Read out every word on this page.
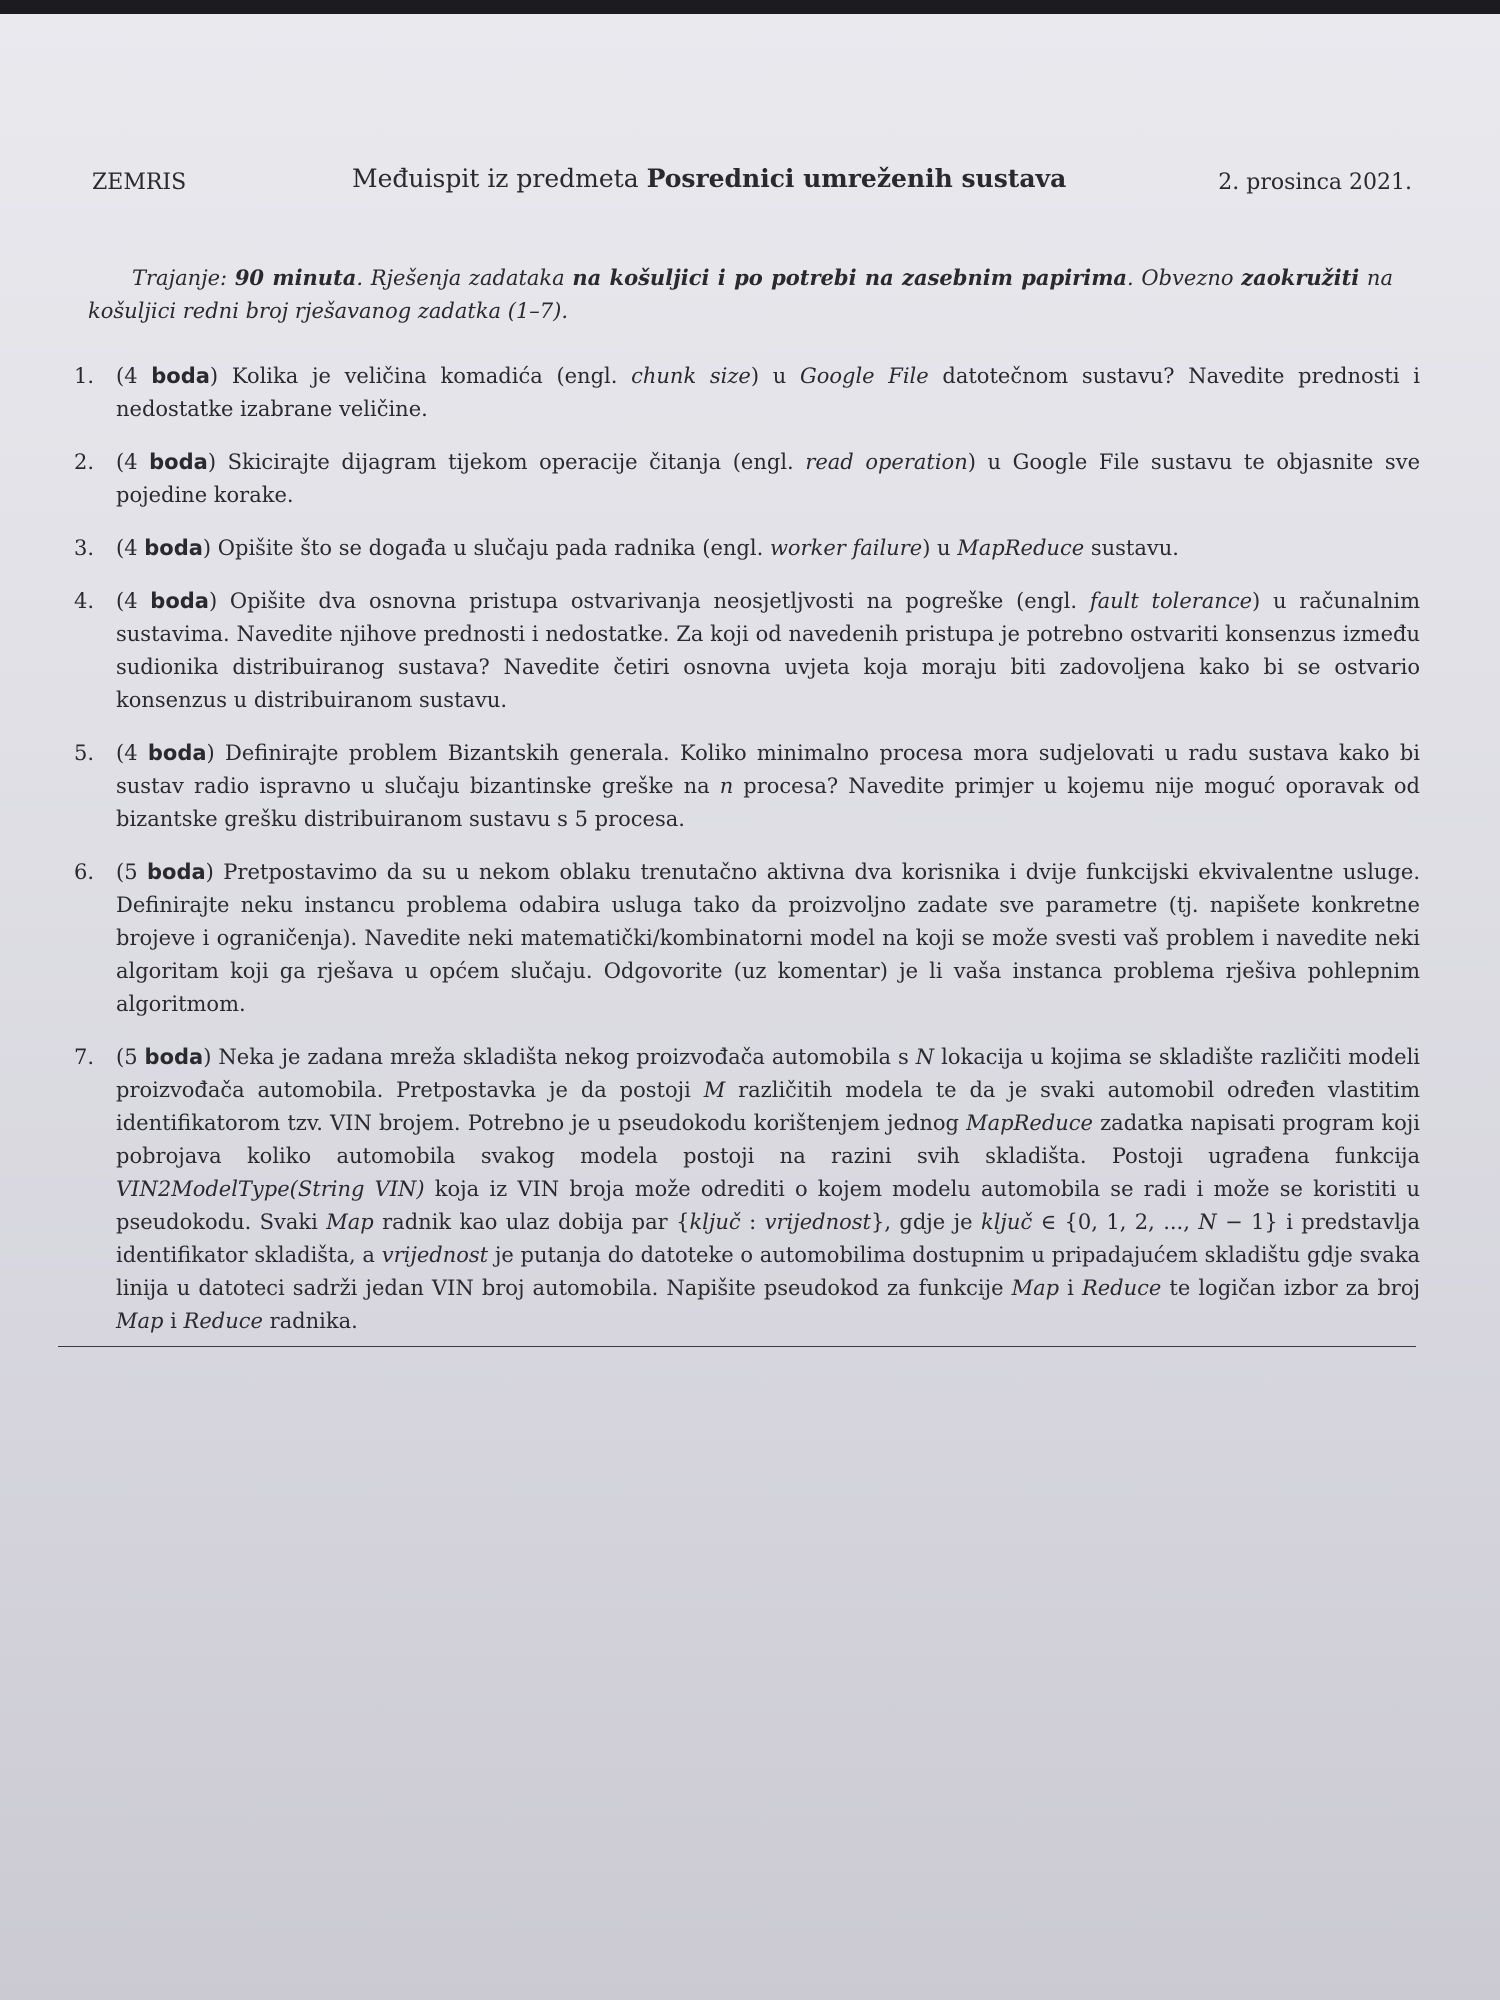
ZEMRIS	Međuispit iz predmeta Posrednici umreženih sustava	2. prosinca 2021.

Trajanje: 90 minuta. Rješenja zadataka na košuljici i po potrebi na zasebnim papirima. Obvezno zaokružiti na košuljici redni broj rješavanog zadatka (1–7).

1. (4 boda) Kolika je veličina komadića (engl. chunk size) u Google File datotečnom sustavu? Navedite prednosti i nedostatke izabrane veličine.
2. (4 boda) Skicirajte dijagram tijekom operacije čitanja (engl. read operation) u Google File sustavu te objasnite sve pojedine korake.
3. (4 boda) Opišite što se događa u slučaju pada radnika (engl. worker failure) u MapReduce sustavu.
4. (4 boda) Opišite dva osnovna pristupa ostvarivanja neosjetljvosti na pogreške (engl. fault tolerance) u računalnim sustavima. Navedite njihove prednosti i nedostatke. Za koji od navedenih pristupa je potrebno ostvariti konsenzus između sudionika distribuiranog sustava? Navedite četiri osnovna uvjeta koja moraju biti zadovoljena kako bi se ostvario konsenzus u distribuiranom sustavu.
5. (4 boda) Definirajte problem Bizantskih generala. Koliko minimalno procesa mora sudjelovati u radu sustava kako bi sustav radio ispravno u slučaju bizantinske greške na n procesa? Navedite primjer u kojemu nije moguć oporavak od bizantske grešku distribuiranom sustavu s 5 procesa.
6. (5 boda) Pretpostavimo da su u nekom oblaku trenutačno aktivna dva korisnika i dvije funkcijski ekvivalentne usluge. Definirajte neku instancu problema odabira usluga tako da proizvoljno zadate sve parametre (tj. napišete konkretne brojeve i ograničenja). Navedite neki matematički/kombinatorni model na koji se može svesti vaš problem i navedite neki algoritam koji ga rješava u općem slučaju. Odgovorite (uz komentar) je li vaša instanca problema rješiva pohlepnim algoritmom.
7. (5 boda) Neka je zadana mreža skladišta nekog proizvođača automobila s N lokacija u kojima se skladište različiti modeli proizvođača automobila. Pretpostavka je da postoji M različitih modela te da je svaki automobil određen vlastitim identifikatorom tzv. VIN brojem. Potrebno je u pseudokodu korištenjem jednog MapReduce zadatka napisati program koji pobrojava koliko automobila svakog modela postoji na razini svih skladišta. Postoji ugrađena funkcija VIN2ModelType(String VIN) koja iz VIN broja može odrediti o kojem modelu automobila se radi i može se koristiti u pseudokodu. Svaki Map radnik kao ulaz dobija par {ključ : vrijednost}, gdje je ključ ∈ {0, 1, 2, ..., N − 1} i predstavlja identifikator skladišta, a vrijednost je putanja do datoteke o automobilima dostupnim u pripadajućem skladištu gdje svaka linija u datoteci sadrži jedan VIN broj automobila. Napišite pseudokod za funkcije Map i Reduce te logičan izbor za broj Map i Reduce radnika.
